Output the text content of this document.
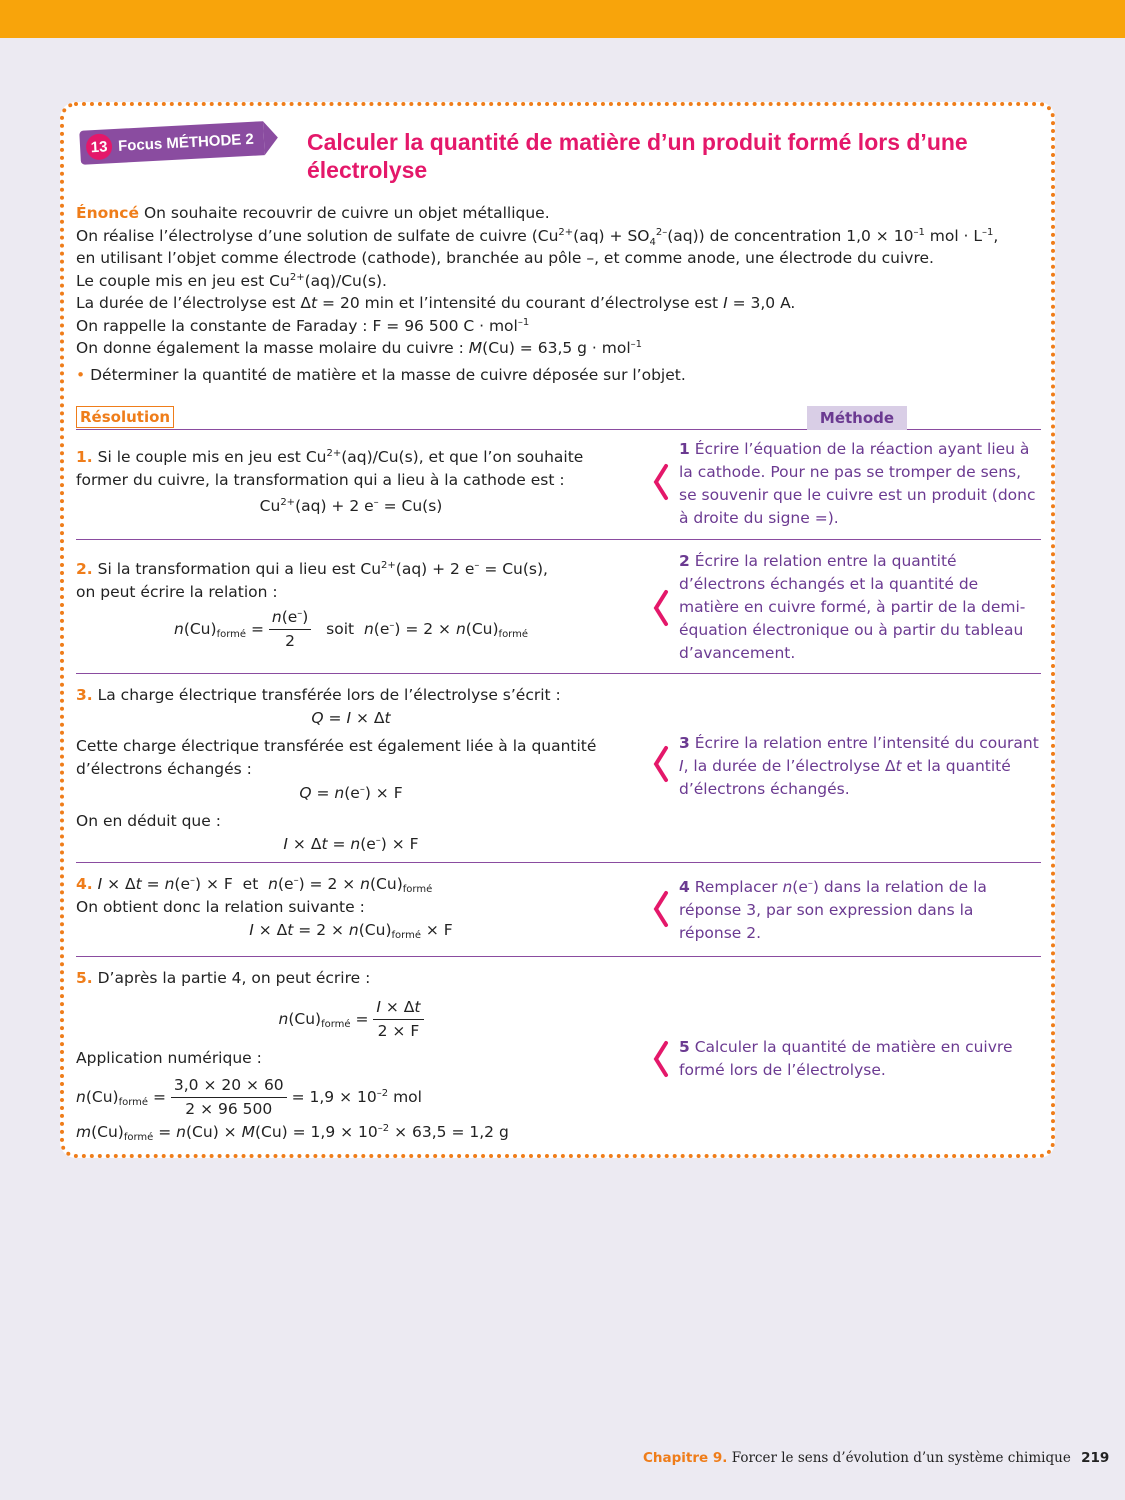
13 Focus MÉTHODE 2 Calculer la quantité de matière d’un produit formé lors d’une électrolyse
Énoncé On souhaite recouvrir de cuivre un objet métallique.
On réalise l’électrolyse d’une solution de sulfate de cuivre $(Cu^{2+}(aq) + SO_4^{2-}(aq))$ de concentration $1,0 \times 10^{-1}$ mol · $L^{-1}$,
en utilisant l’objet comme électrode (cathode), branchée au pôle –, et comme anode, une électrode du cuivre.
Le couple mis en jeu est $Cu^{2+}(aq)/Cu(s)$.
La durée de l’électrolyse est Δt = 20 min et l’intensité du courant d’électrolyse est I = 3,0 A.
On rappelle la constante de Faraday : F = 96 500 C · mol$^{-1}$
On donne également la masse molaire du cuivre : M(Cu) = 63,5 g · mol$^{-1}$
• Déterminer la quantité de matière et la masse de cuivre déposée sur l’objet.
Résolution	Méthode
1. Si le couple mis en jeu est $Cu^{2+}(aq)/Cu(s)$, et que l’on souhaite former du cuivre, la transformation qui a lieu à la cathode est :
$Cu^{2+}(aq) + 2$ e– = Cu(s)
1 Écrire l’équation de la réaction ayant lieu à la cathode. Pour ne pas se tromper de sens, se souvenir que le cuivre est un produit (donc à droite du signe =).
2. Si la transformation qui a lieu est $Cu^{2+}(aq) + 2$ e– = Cu(s),
on peut écrire la relation :
$n(Cu)_{formé} = \frac{n(e^-)}{2}$ soit $n(e^-) = 2 \times n(Cu)_{formé}$
2 Écrire la relation entre la quantité d’électrons échangés et la quantité de matière en cuivre formé, à partir de la demi-équation électronique ou à partir du tableau d’avancement.
3. La charge électrique transférée lors de l’électrolyse s’écrit :
Q = I × Δt
Cette charge électrique transférée est également liée à la quantité d’électrons échangés :
Q = n(e–) × F
On en déduit que :
I × Δt = n(e–) × F
3 Écrire la relation entre l’intensité du courant I, la durée de l’électrolyse Δt et la quantité d’électrons échangés.
4. I × Δt = n(e–) × F  et $n(e^-) = 2 \times n(Cu)_{formé}$
On obtient donc la relation suivante :
$I \times \Delta t = 2 \times n(Cu)_{formé} \times F$
4 Remplacer n(e–) dans la relation de la réponse 3, par son expression dans la réponse 2.
5. D’après la partie 4, on peut écrire :
$n(Cu)_{formé} = \frac{I \times \Delta t}{2 \times F}$
Application numérique :
$n(Cu)_{formé} = \frac{3,0 \times 20 \times 60}{2 \times 96 500} = 1,9 \times 10^{-2}$ mol
$m(Cu)_{formé} = n(Cu) \times M(Cu) = 1,9 \times 10^{-2} \times 63,5 = 1,2$ g
5 Calculer la quantité de matière en cuivre formé lors de l’électrolyse.
Chapitre 9. Forcer le sens d’évolution d’un système chimique 219
